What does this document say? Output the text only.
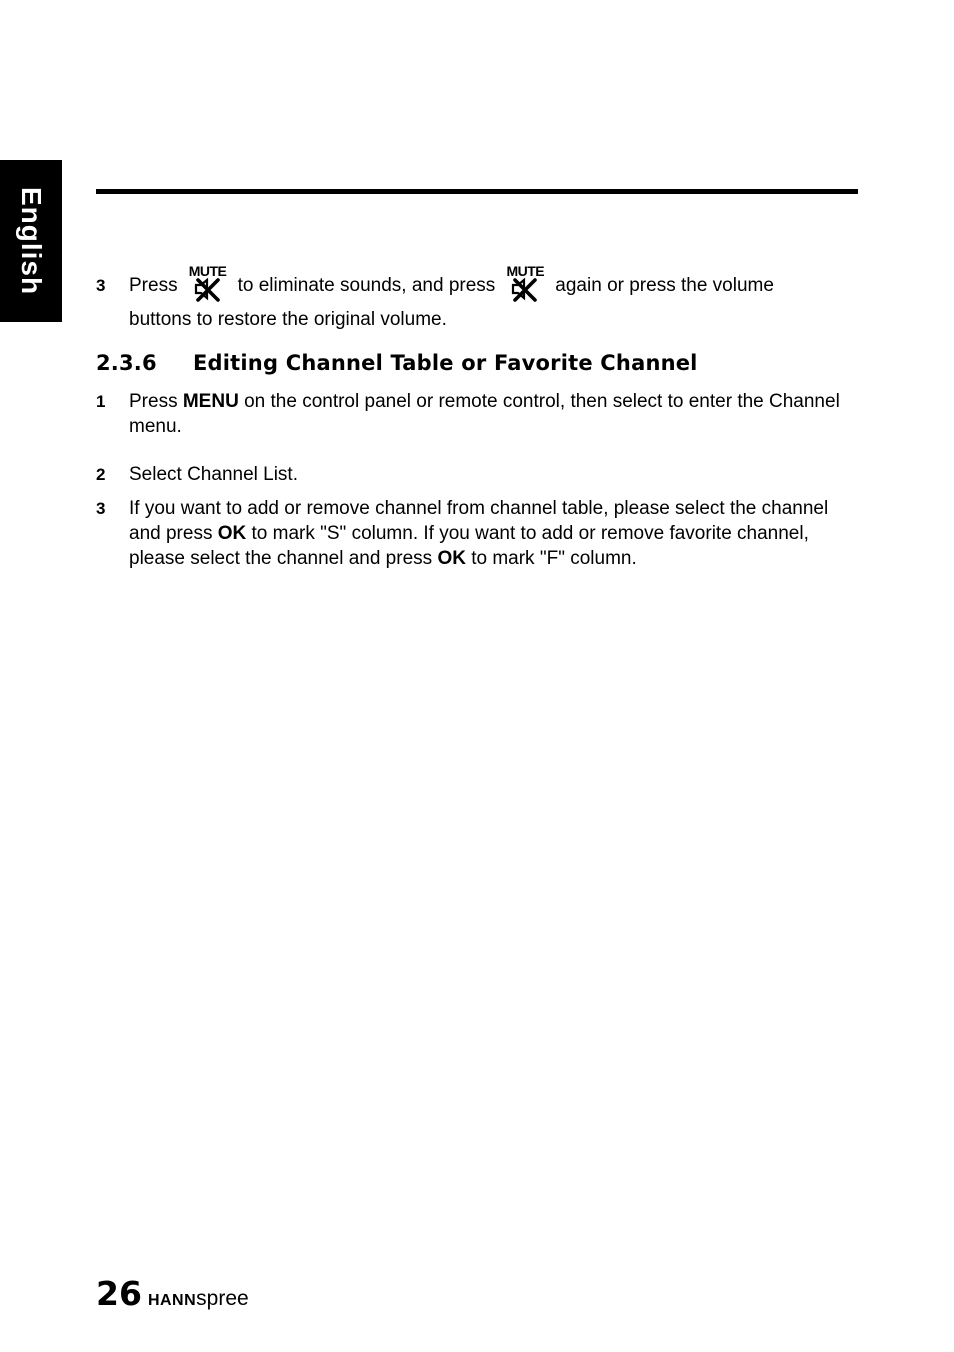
English	3 Press
MUTE
to eliminate sounds, and press
MUTE
again or press the volume
buttons to restore the original volume.
2.3.6 Editing Channel Table or Favorite Channel
1 Press MENU on the control panel or remote control, then select to enter the Channel menu.
2 Select Channel List.
3 If you want to add or remove channel from channel table, please select the channel and press OK to mark "S" column. If you want to add or remove favorite channel, please select the channel and press OK to mark "F" column.
26 HANNspree
